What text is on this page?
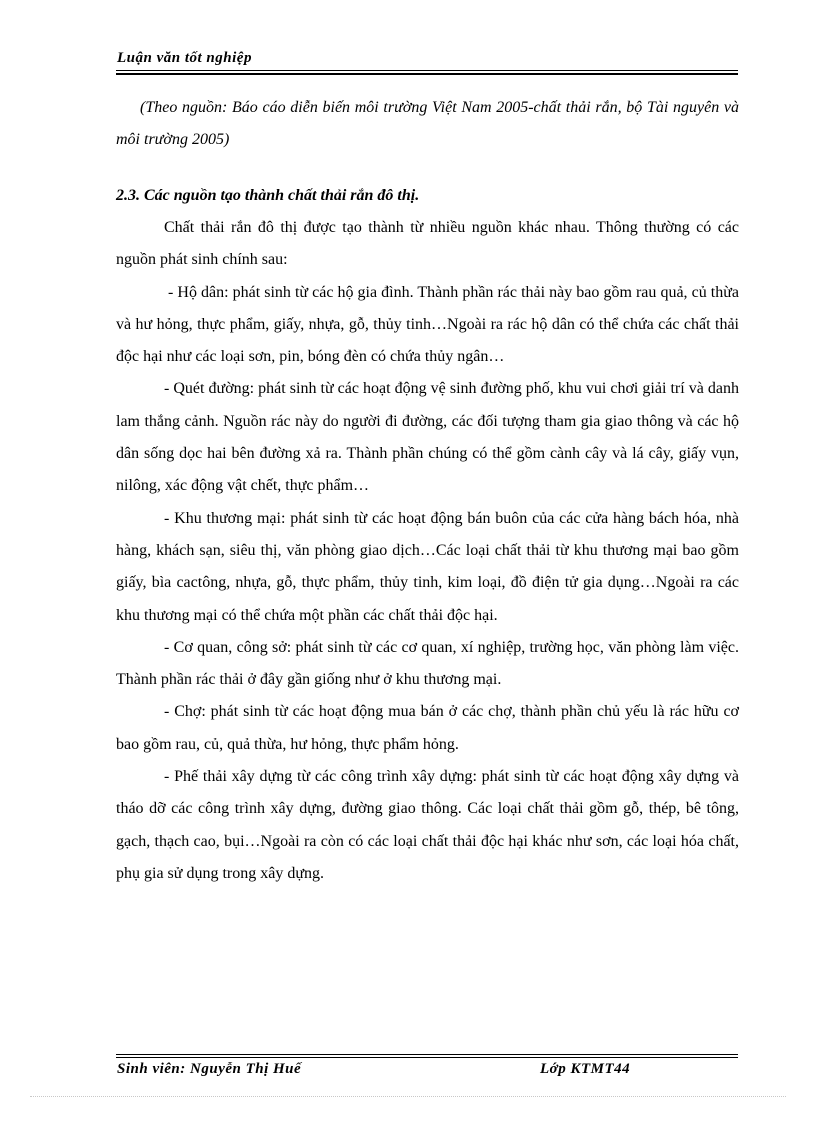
Luận văn tốt nghiệp

(Theo nguồn: Báo cáo diễn biến môi trường Việt Nam 2005-chất thải rắn, bộ Tài nguyên và môi trường 2005)

2.3. Các nguồn tạo thành chất thải rắn đô thị.

Chất thải rắn đô thị được tạo thành từ nhiều nguồn khác nhau. Thông thường có các nguồn phát sinh chính sau:

- Hộ dân: phát sinh từ các hộ gia đình. Thành phần rác thải này bao gồm rau quả, củ thừa và hư hỏng, thực phẩm, giấy, nhựa, gỗ, thủy tinh…Ngoài ra rác hộ dân có thể chứa các chất thải độc hại như các loại sơn, pin, bóng đèn có chứa thủy ngân…

- Quét đường: phát sinh từ các hoạt động vệ sinh đường phố, khu vui chơi giải trí và danh lam thắng cảnh. Nguồn rác này do người đi đường, các đối tượng tham gia giao thông và các hộ dân sống dọc hai bên đường xả ra. Thành phần chúng có thể gồm cành cây và lá cây, giấy vụn, nilông, xác động vật chết, thực phẩm…

- Khu thương mại: phát sinh từ các hoạt động bán buôn của các cửa hàng bách hóa, nhà hàng, khách sạn, siêu thị, văn phòng giao dịch…Các loại chất thải từ khu thương mại bao gồm giấy, bìa cactông, nhựa, gỗ, thực phẩm, thủy tinh, kim loại, đồ điện tử gia dụng…Ngoài ra các khu thương mại có thể chứa một phần các chất thải độc hại.

- Cơ quan, công sở: phát sinh từ các cơ quan, xí nghiệp, trường học, văn phòng làm việc. Thành phần rác thải ở đây gần giống như ở khu thương mại.

- Chợ: phát sinh từ các hoạt động mua bán ở các chợ, thành phần chủ yếu là rác hữu cơ bao gồm rau, củ, quả thừa, hư hỏng, thực phẩm hỏng.

- Phế thải xây dựng từ các công trình xây dựng: phát sinh từ các hoạt động xây dựng và tháo dỡ các công trình xây dựng, đường giao thông. Các loại chất thải gồm gỗ, thép, bê tông, gạch, thạch cao, bụi…Ngoài ra còn có các loại chất thải độc hại khác như sơn, các loại hóa chất, phụ gia sử dụng trong xây dựng.

Sinh viên: Nguyễn Thị Huế	Lớp KTMT44
